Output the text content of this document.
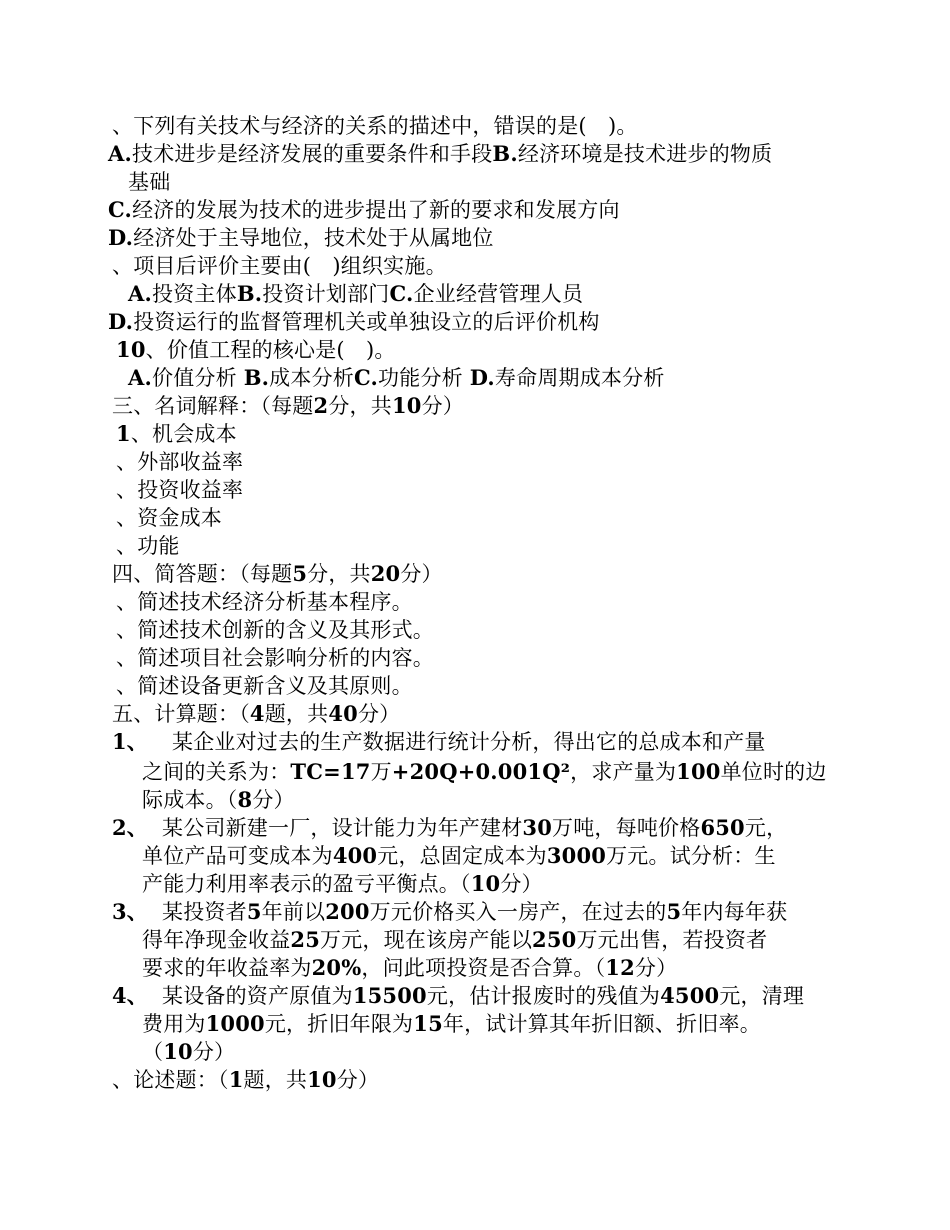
、下列有关技术与经济的关系的描述中，错误的是(　)。
A.技术进步是经济发展的重要条件和手段B.经济环境是技术进步的物质
基础
C.经济的发展为技术的进步提出了新的要求和发展方向
D.经济处于主导地位，技术处于从属地位
、项目后评价主要由(　)组织实施。
A.投资主体B.投资计划部门C.企业经营管理人员
D.投资运行的监督管理机关或单独设立的后评价机构
10、价值工程的核心是(　)。
A.价值分析 B.成本分析C.功能分析 D.寿命周期成本分析
三、名词解释：（每题2分，共10分）
1、机会成本
、外部收益率
、投资收益率
、资金成本
、功能
四、简答题：（每题5分，共20分）
、简述技术经济分析基本程序。
、简述技术创新的含义及其形式。
、简述项目社会影响分析的内容。
、简述设备更新含义及其原则。
五、计算题：（4题，共40分）
1、 某企业对过去的生产数据进行统计分析，得出它的总成本和产量
之间的关系为：TC=17万+20Q+0.001Q²，求产量为100单位时的边
际成本。（8分）
2、 某公司新建一厂，设计能力为年产建材30万吨，每吨价格650元，
单位产品可变成本为400元，总固定成本为3000万元。试分析：生
产能力利用率表示的盈亏平衡点。（10分）
3、 某投资者5年前以200万元价格买入一房产，在过去的5年内每年获
得年净现金收益25万元，现在该房产能以250万元出售，若投资者
要求的年收益率为20%，问此项投资是否合算。（12分）
4、 某设备的资产原值为15500元，估计报废时的残值为4500元，清理
费用为1000元，折旧年限为15年，试计算其年折旧额、折旧率。
（10分）
、论述题：（1题，共10分）
